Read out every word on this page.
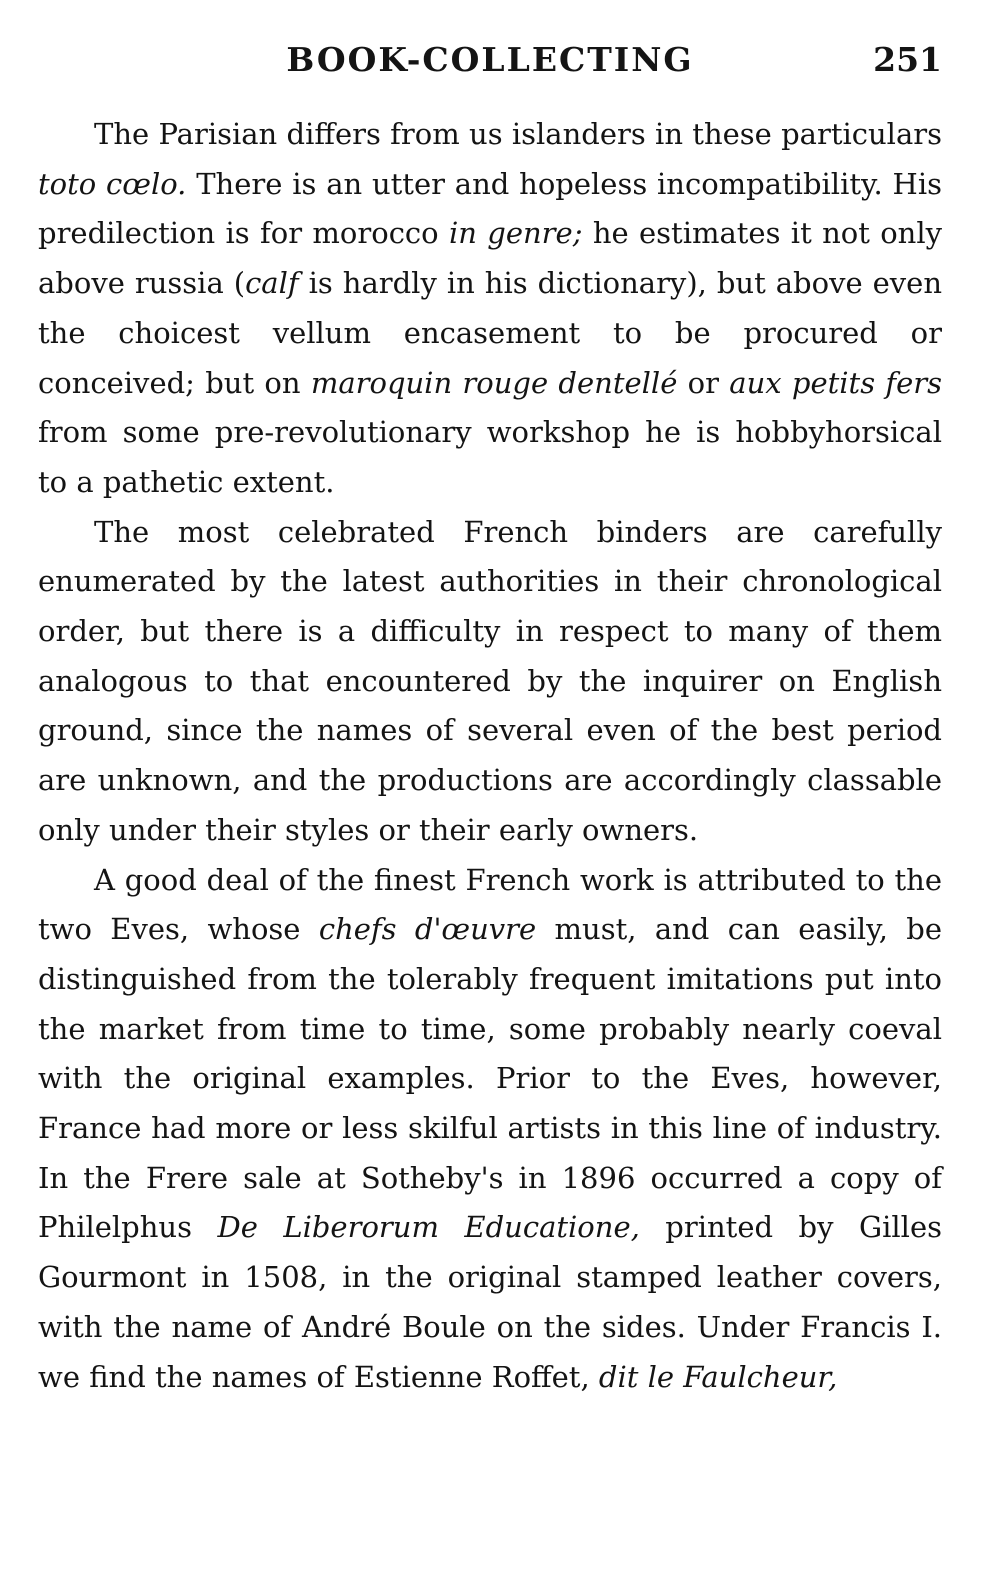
BOOK-COLLECTING	251

The Parisian differs from us islanders in these particulars toto cœlo. There is an utter and hopeless incompatibility. His predilection is for morocco in genre; he estimates it not only above russia (calf is hardly in his dictionary), but above even the choicest vellum encasement to be procured or conceived; but on maroquin rouge dentellé or aux petits fers from some pre-revolutionary workshop he is hobbyhorsical to a pathetic extent.

The most celebrated French binders are carefully enumerated by the latest authorities in their chronological order, but there is a difficulty in respect to many of them analogous to that encountered by the inquirer on English ground, since the names of several even of the best period are unknown, and the productions are accordingly classable only under their styles or their early owners.

A good deal of the finest French work is attributed to the two Eves, whose chefs d'œuvre must, and can easily, be distinguished from the tolerably frequent imitations put into the market from time to time, some probably nearly coeval with the original examples. Prior to the Eves, however, France had more or less skilful artists in this line of industry. In the Frere sale at Sotheby's in 1896 occurred a copy of Philelphus De Liberorum Educatione, printed by Gilles Gourmont in 1508, in the original stamped leather covers, with the name of André Boule on the sides. Under Francis I. we find the names of Estienne Roffet, dit le Faulcheur,
